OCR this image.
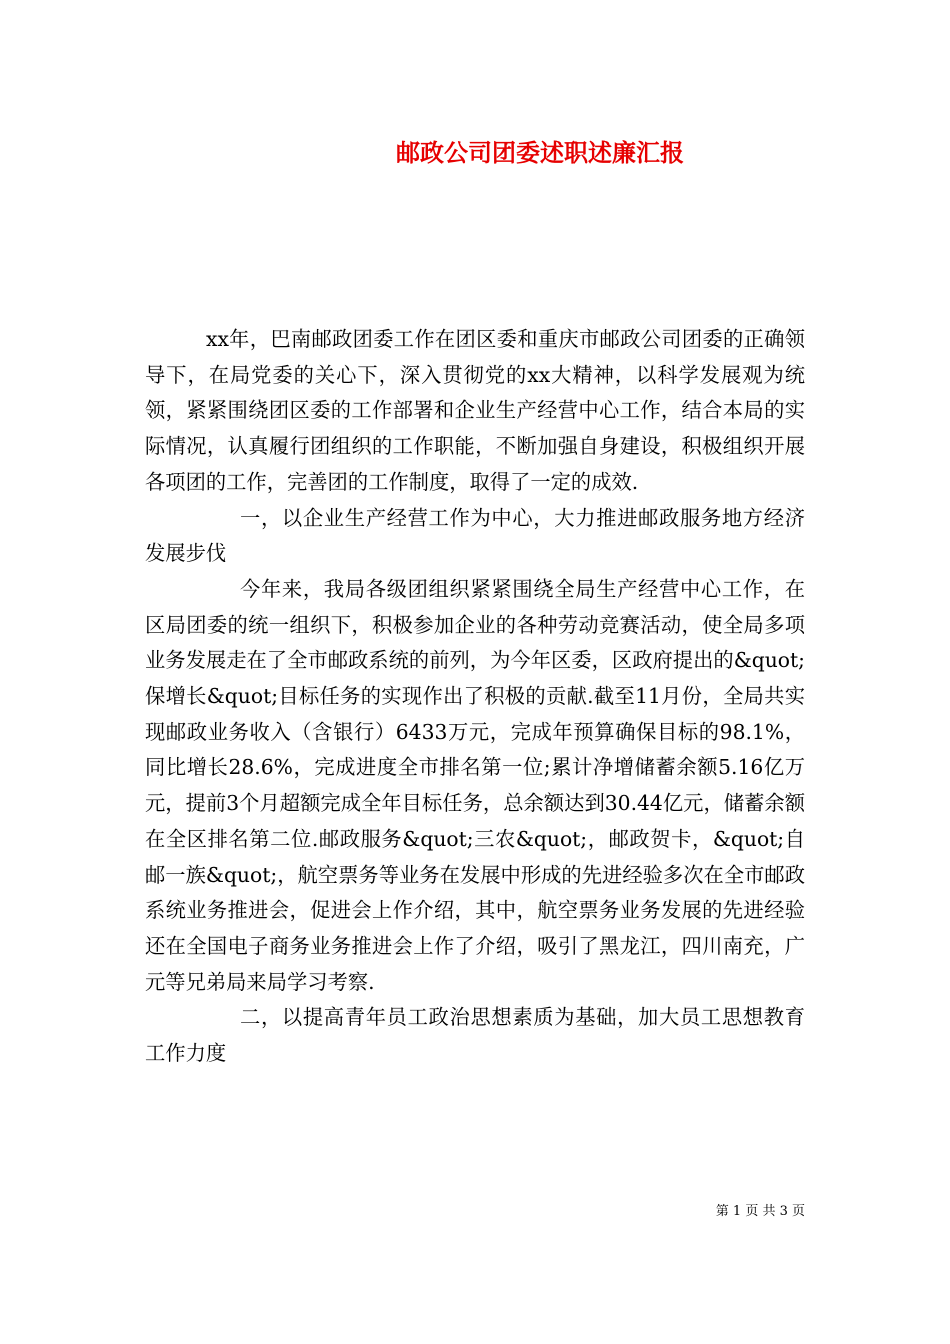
邮政公司团委述职述廉汇报

xx年，巴南邮政团委工作在团区委和重庆市邮政公司团委的正确领导下，在局党委的关心下，深入贯彻党的xx大精神，以科学发展观为统领，紧紧围绕团区委的工作部署和企业生产经营中心工作，结合本局的实际情况，认真履行团组织的工作职能，不断加强自身建设，积极组织开展各项团的工作，完善团的工作制度，取得了一定的成效.

一，以企业生产经营工作为中心，大力推进邮政服务地方经济发展步伐

今年来，我局各级团组织紧紧围绕全局生产经营中心工作，在区局团委的统一组织下，积极参加企业的各种劳动竞赛活动，使全局多项业务发展走在了全市邮政系统的前列，为今年区委，区政府提出的&quot;保增长&quot;目标任务的实现作出了积极的贡献.截至11月份，全局共实现邮政业务收入（含银行）6433万元，完成年预算确保目标的98.1%，同比增长28.6%，完成进度全市排名第一位;累计净增储蓄余额5.16亿万元，提前3个月超额完成全年目标任务，总余额达到30.44亿元，储蓄余额在全区排名第二位.邮政服务&quot;三农&quot;，邮政贺卡，&quot;自邮一族&quot;，航空票务等业务在发展中形成的先进经验多次在全市邮政系统业务推进会，促进会上作介绍，其中，航空票务业务发展的先进经验还在全国电子商务业务推进会上作了介绍，吸引了黑龙江，四川南充，广元等兄弟局来局学习考察.

二，以提高青年员工政治思想素质为基础，加大员工思想教育工作力度

第 1 页 共 3 页
